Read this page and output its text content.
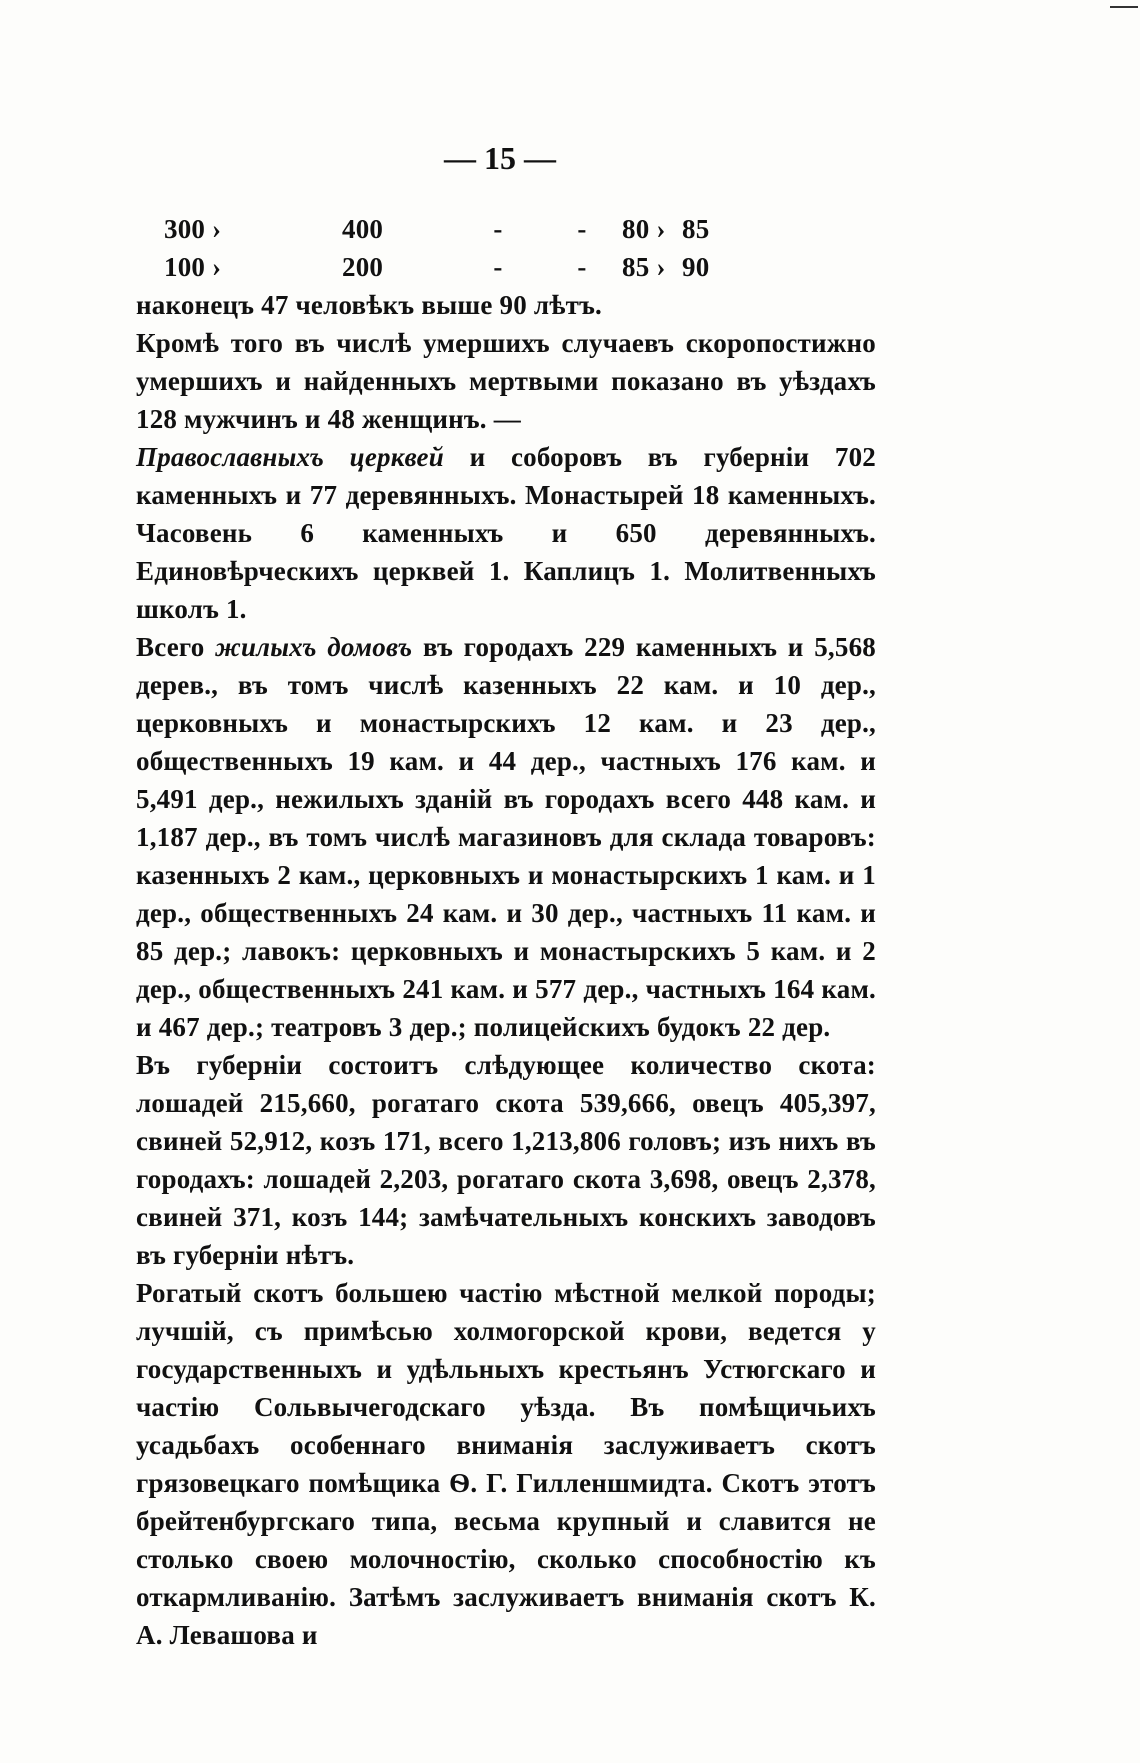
— 15 —
300 ›	400	-	-	80 › 85
100 ›	200	-	-	85 › 90

наконецъ 47 человѣкъ выше 90 лѣтъ.

Кромѣ того въ числѣ умершихъ случаевъ скоропостижно умершихъ и найденныхъ мертвыми показано въ уѣздахъ 128 мужчинъ и 48 женщинъ. —

Православныхъ церквей и соборовъ въ губерніи 702 каменныхъ и 77 деревянныхъ. Монастырей 18 каменныхъ. Часовень 6 каменныхъ и 650 деревянныхъ. Единовѣрческихъ церквей 1. Каплицъ 1. Молитвенныхъ школъ 1.

Всего жилыхъ домовъ въ городахъ 229 каменныхъ и 5,568 дерев., въ томъ числѣ казенныхъ 22 кам. и 10 дер., церковныхъ и монастырскихъ 12 кам. и 23 дер., общественныхъ 19 кам. и 44 дер., частныхъ 176 кам. и 5,491 дер., нежилыхъ зданій въ городахъ всего 448 кам. и 1,187 дер., въ томъ числѣ магазиновъ для склада товаровъ: казенныхъ 2 кам., церковныхъ и монастырскихъ 1 кам. и 1 дер., общественныхъ 24 кам. и 30 дер., частныхъ 11 кам. и 85 дер.; лавокъ: церковныхъ и монастырскихъ 5 кам. и 2 дер., общественныхъ 241 кам. и 577 дер., частныхъ 164 кам. и 467 дер.; театровъ 3 дер.; полицейскихъ будокъ 22 дер.

Въ губерніи состоитъ слѣдующее количество скота: лошадей 215,660, рогатаго скота 539,666, овецъ 405,397, свиней 52,912, козъ 171, всего 1,213,806 головъ; изъ нихъ въ городахъ: лошадей 2,203, рогатаго скота 3,698, овецъ 2,378, свиней 371, козъ 144; замѣчательныхъ конскихъ заводовъ въ губерніи нѣтъ.

Рогатый скотъ большею частію мѣстной мелкой породы; лучшій, съ примѣсью холмогорской крови, ведется у государственныхъ и удѣльныхъ крестьянъ Устюгскаго и частію Сольвычегодскаго уѣзда. Въ помѣщичьихъ усадьбахъ особеннаго вниманія заслуживаетъ скотъ грязовецкаго помѣщика Ѳ. Г. Гилленшмидта. Скотъ этотъ брейтенбургскаго типа, весьма крупный и славится не столько своею молочностію, сколько способностію къ откармливанію. Затѣмъ заслуживаетъ вниманія скотъ К. А. Левашова и
